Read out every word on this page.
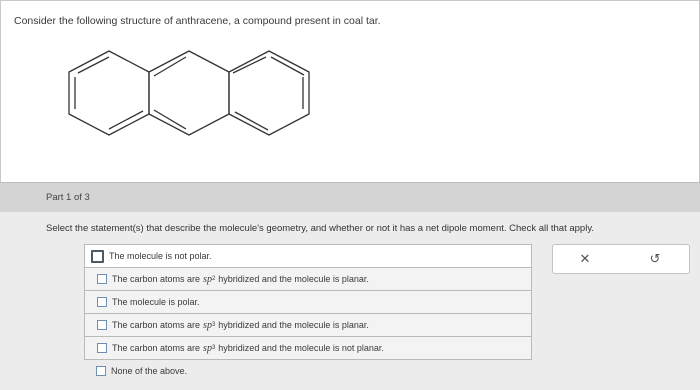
Consider the following structure of anthracene, a compound present in coal tar.
Part 1 of 3
Select the statement(s) that describe the molecule's geometry, and whether or not it has a net dipole moment. Check all that apply.
The molecule is not polar.
The carbon atoms are sp 2 hybridized and the molecule is planar.
The molecule is polar.
The carbon atoms are sp 3 hybridized and the molecule is planar.
The carbon atoms are sp 3 hybridized and the molecule is not planar.
None of the above.
✕	↺
